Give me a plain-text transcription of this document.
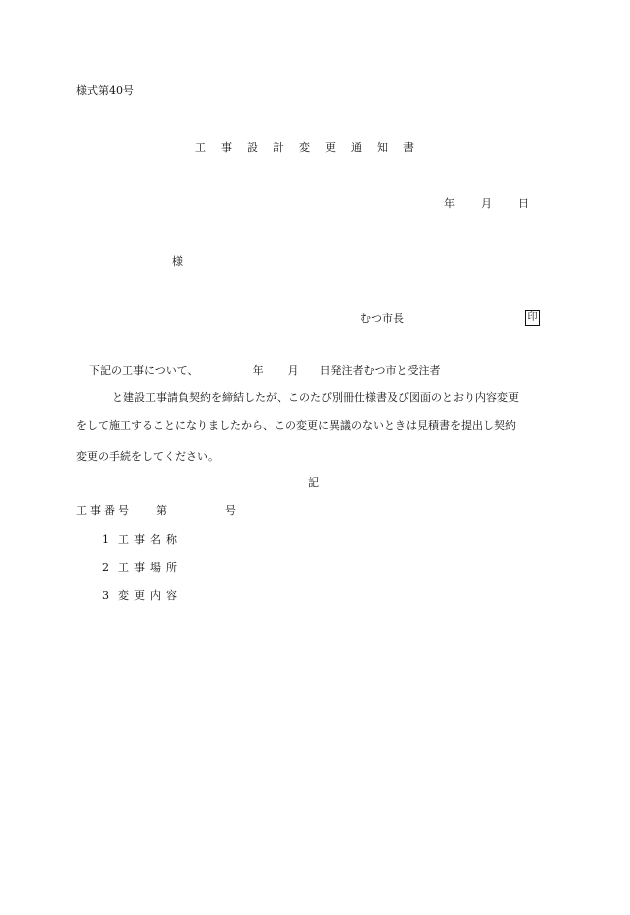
様式第40号
工 事 設 計 変 更 通 知 書
年 月 日
様
むつ市長	印
下記の工事について、	年 月 日発注者むつ市と受注者
と建設工事請負契約を締結したが、このたび別冊仕様書及び図面のとおり内容変更
をして施工することになりましたから、この変更に異議のないときは見積書を提出し契約
変更の手続をしてください。
記
工事番号 第	号
1 工事名称
2 工事場所
3 変更内容
